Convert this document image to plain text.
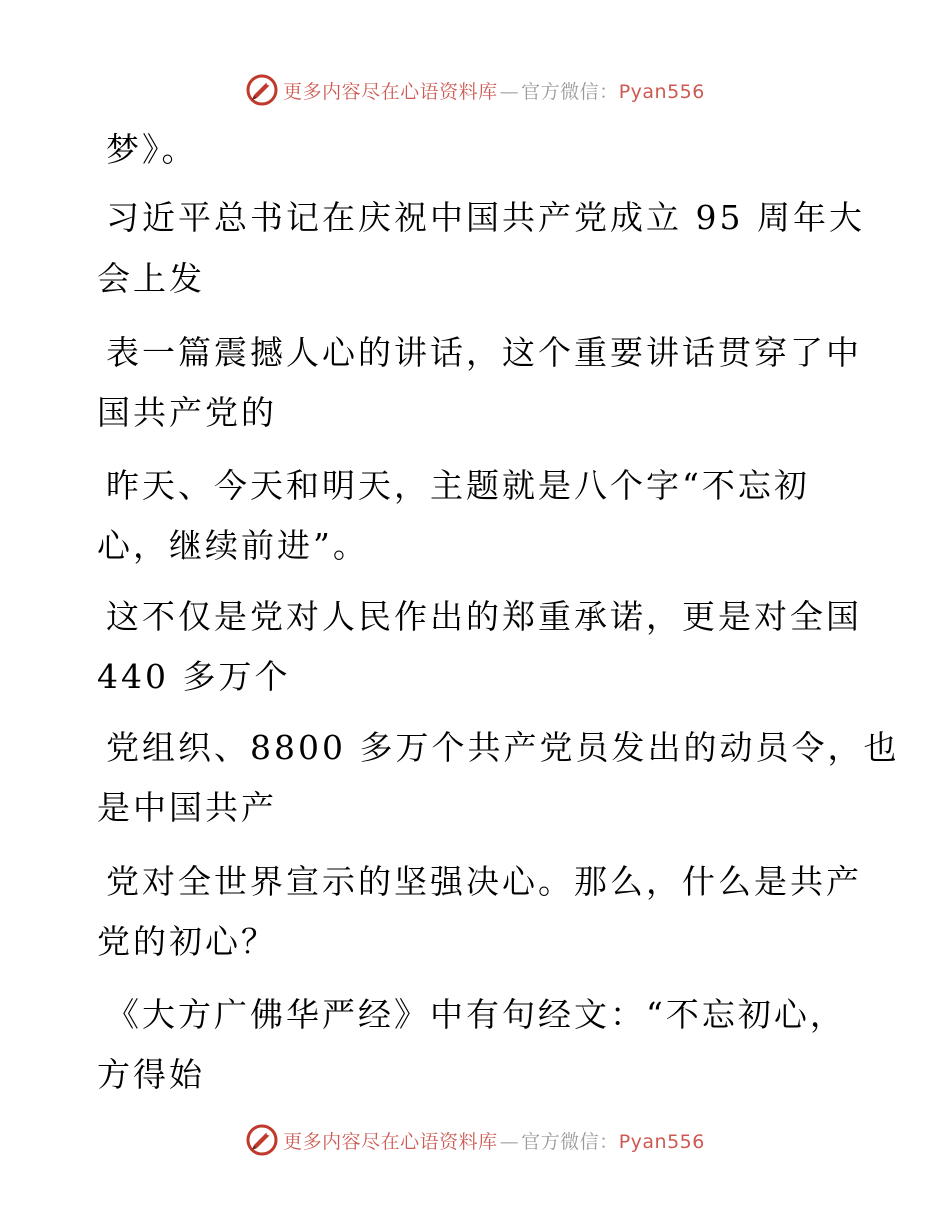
更多内容尽在心语资料库 — 官方微信：Pyan556
梦》。
习近平总书记在庆祝中国共产党成立 95 周年大
会上发
表一篇震撼人心的讲话，这个重要讲话贯穿了中
国共产党的
昨天、今天和明天，主题就是八个字“不忘初
心，继续前进”。
这不仅是党对人民作出的郑重承诺，更是对全国
440 多万个
党组织、8800 多万个共产党员发出的动员令，也
是中国共产
党对全世界宣示的坚强决心。那么，什么是共产
党的初心？
《大方广佛华严经》中有句经文：“不忘初心，
方得始
更多内容尽在心语资料库 — 官方微信：Pyan556
